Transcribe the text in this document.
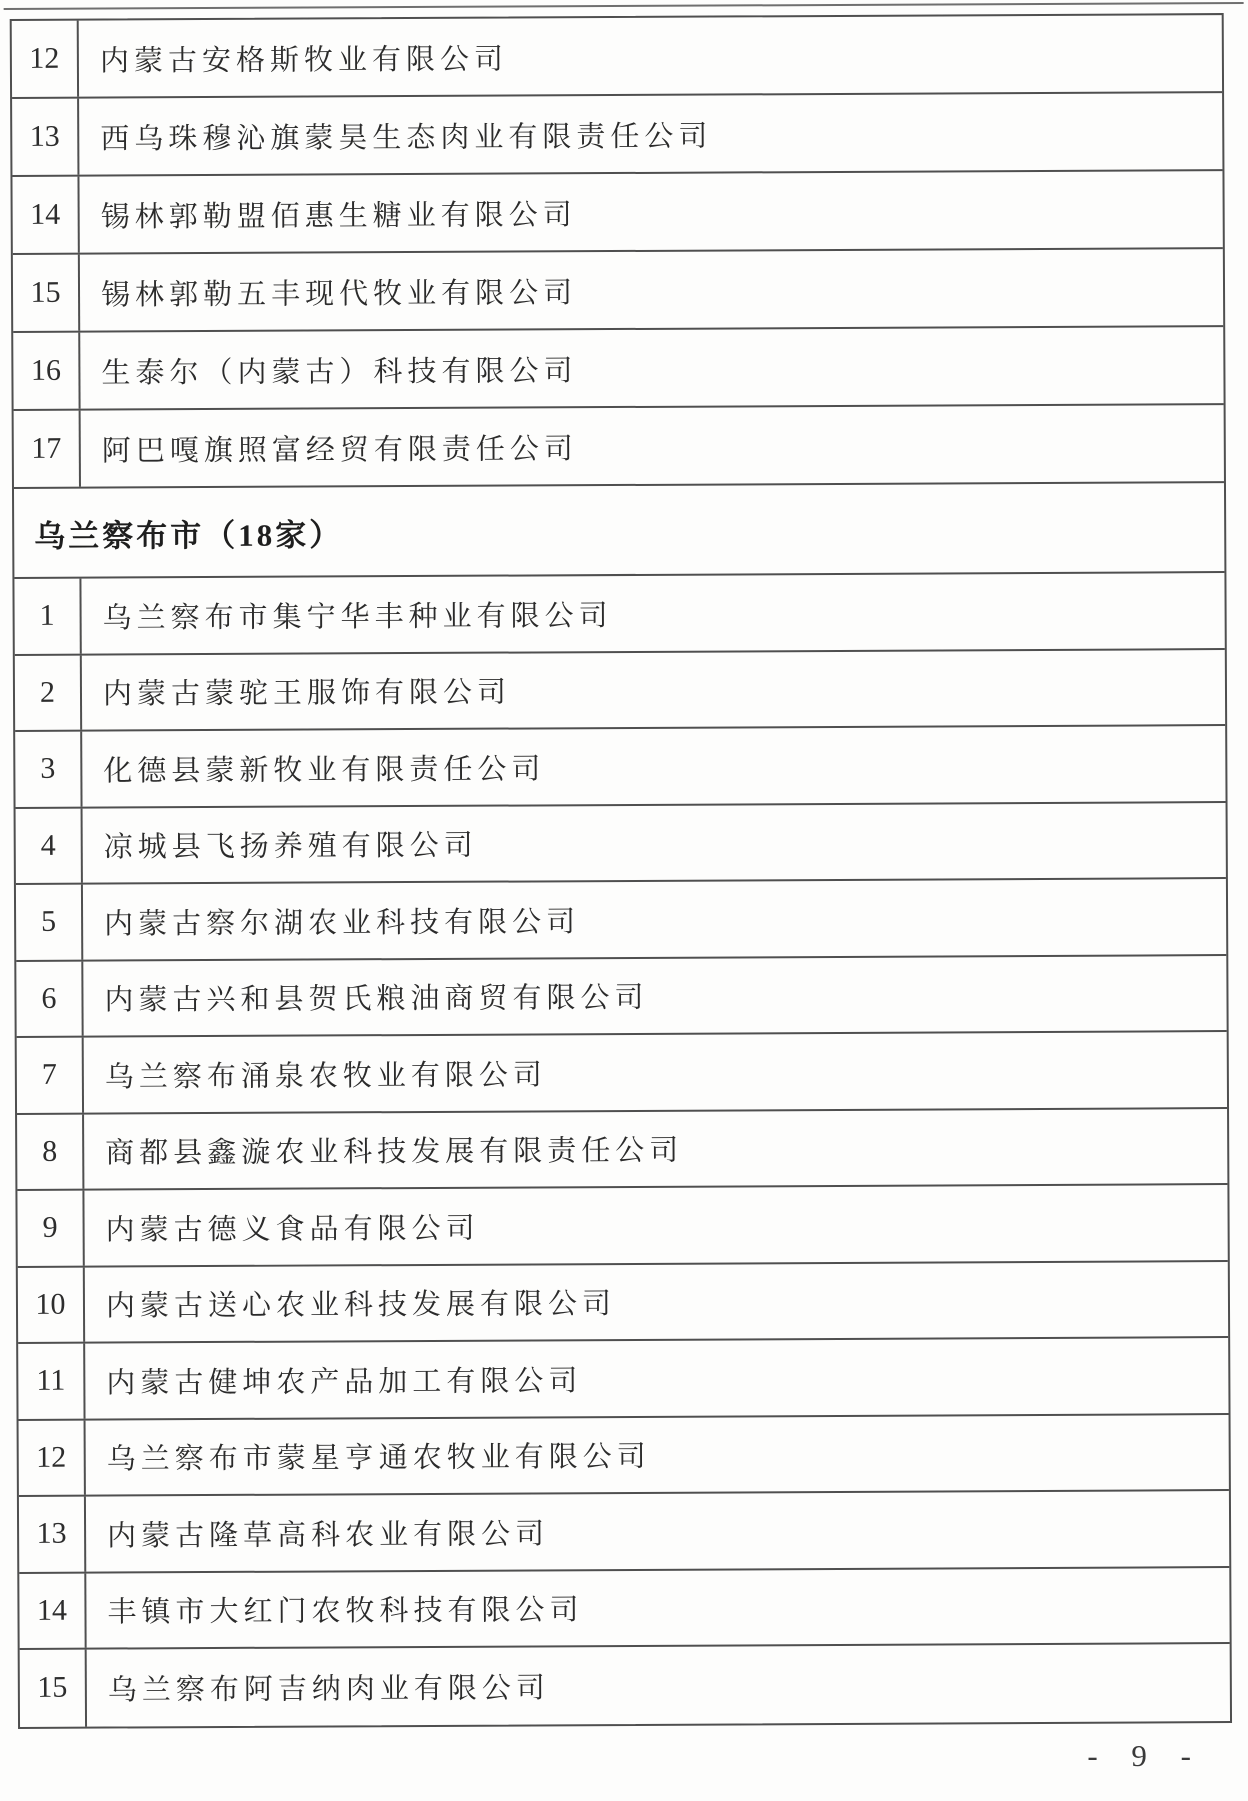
12	内蒙古安格斯牧业有限公司
13	西乌珠穆沁旗蒙昊生态肉业有限责任公司
14	锡林郭勒盟佰惠生糖业有限公司
15	锡林郭勒五丰现代牧业有限公司
16	生泰尔（内蒙古）科技有限公司
17	阿巴嘎旗照富经贸有限责任公司
乌兰察布市（18家）
1	乌兰察布市集宁华丰种业有限公司
2	内蒙古蒙驼王服饰有限公司
3	化德县蒙新牧业有限责任公司
4	凉城县飞扬养殖有限公司
5	内蒙古察尔湖农业科技有限公司
6	内蒙古兴和县贺氏粮油商贸有限公司
7	乌兰察布涌泉农牧业有限公司
8	商都县鑫漩农业科技发展有限责任公司
9	内蒙古德义食品有限公司
10	内蒙古送心农业科技发展有限公司
11	内蒙古健坤农产品加工有限公司
12	乌兰察布市蒙星亨通农牧业有限公司
13	内蒙古隆草高科农业有限公司
14	丰镇市大红门农牧科技有限公司
15	乌兰察布阿吉纳肉业有限公司
- 9 -
